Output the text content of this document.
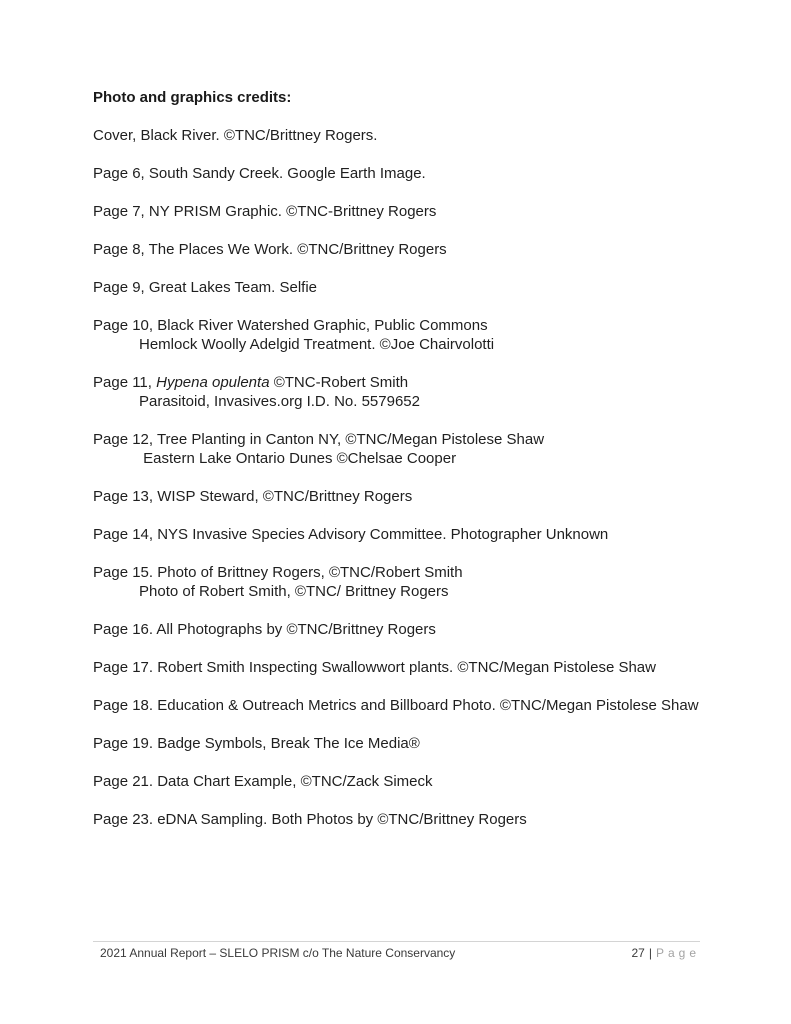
Photo and graphics credits:

Cover, Black River. ©TNC/Brittney Rogers.

Page 6, South Sandy Creek. Google Earth Image.

Page 7, NY PRISM Graphic. ©TNC-Brittney Rogers

Page 8, The Places We Work. ©TNC/Brittney Rogers

Page 9, Great Lakes Team. Selfie

Page 10, Black River Watershed Graphic, Public Commons
Hemlock Woolly Adelgid Treatment. ©Joe Chairvolotti

Page 11, Hypena opulenta ©TNC-Robert Smith
Parasitoid, Invasives.org I.D. No. 5579652

Page 12, Tree Planting in Canton NY, ©TNC/Megan Pistolese Shaw
Eastern Lake Ontario Dunes ©Chelsae Cooper

Page 13, WISP Steward, ©TNC/Brittney Rogers

Page 14, NYS Invasive Species Advisory Committee. Photographer Unknown

Page 15. Photo of Brittney Rogers, ©TNC/Robert Smith
Photo of Robert Smith, ©TNC/ Brittney Rogers

Page 16. All Photographs by ©TNC/Brittney Rogers

Page 17. Robert Smith Inspecting Swallowwort plants. ©TNC/Megan Pistolese Shaw

Page 18. Education & Outreach Metrics and Billboard Photo. ©TNC/Megan Pistolese Shaw

Page 19. Badge Symbols, Break The Ice Media®

Page 21. Data Chart Example, ©TNC/Zack Simeck

Page 23. eDNA Sampling. Both Photos by ©TNC/Brittney Rogers

2021 Annual Report – SLELO PRISM c/o The Nature Conservancy	27 | Page
